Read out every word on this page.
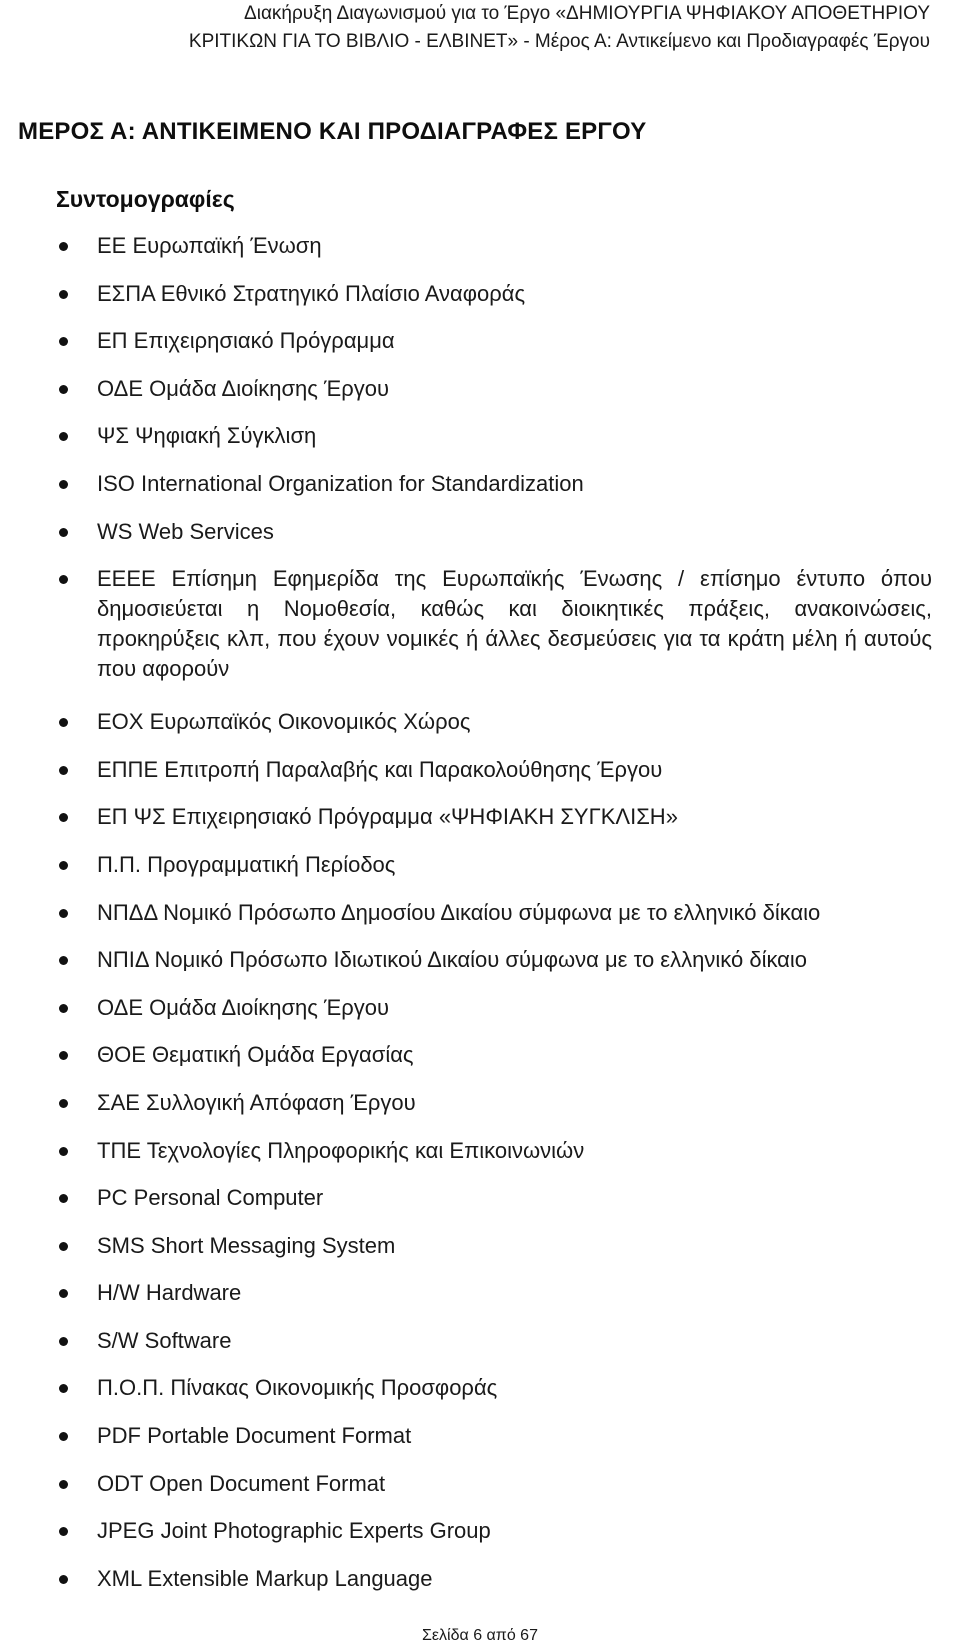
Διακήρυξη Διαγωνισμού για το Έργο «ΔΗΜΙΟΥΡΓΙΑ ΨΗΦΙΑΚΟΥ ΑΠΟΘΕΤΗΡΙΟΥ
ΚΡΙΤΙΚΩΝ ΓΙΑ ΤΟ ΒΙΒΛΙΟ - ΕΛΒΙΝΕΤ» - Μέρος Α: Αντικείμενο και Προδιαγραφές Έργου
ΜΕΡΟΣ Α: ΑΝΤΙΚΕΙΜΕΝΟ ΚΑΙ ΠΡΟΔΙΑΓΡΑΦΕΣ ΕΡΓΟΥ
Συντομογραφίες
ΕΕ Ευρωπαϊκή Ένωση
ΕΣΠΑ Εθνικό Στρατηγικό Πλαίσιο Αναφοράς
ΕΠ Επιχειρησιακό Πρόγραμμα
ΟΔΕ Ομάδα Διοίκησης Έργου
ΨΣ Ψηφιακή Σύγκλιση
ISO International Organization for Standardization
WS Web Services
ΕΕΕΕ Επίσημη Εφημερίδα της Ευρωπαϊκής Ένωσης / επίσημο έντυπο όπου δημοσιεύεται η Νομοθεσία, καθώς και διοικητικές πράξεις, ανακοινώσεις, προκηρύξεις κλπ, που έχουν νομικές ή άλλες δεσμεύσεις για τα κράτη μέλη ή αυτούς που αφορούν
ΕΟΧ Ευρωπαϊκός Οικονομικός Χώρος
ΕΠΠΕ Επιτροπή Παραλαβής και Παρακολούθησης Έργου
ΕΠ ΨΣ Επιχειρησιακό Πρόγραμμα «ΨΗΦΙΑΚΗ ΣΥΓΚΛΙΣΗ»
Π.Π. Προγραμματική Περίοδος
ΝΠΔΔ Νομικό Πρόσωπο Δημοσίου Δικαίου σύμφωνα με το ελληνικό δίκαιο
ΝΠΙΔ Νομικό Πρόσωπο Ιδιωτικού Δικαίου σύμφωνα με το ελληνικό δίκαιο
ΟΔΕ Ομάδα Διοίκησης Έργου
ΘΟΕ Θεματική Ομάδα Εργασίας
ΣΑΕ Συλλογική Απόφαση Έργου
ΤΠΕ Τεχνολογίες Πληροφορικής και Επικοινωνιών
PC Personal Computer
SMS Short Messaging System
H/W Hardware
S/W Software
Π.Ο.Π. Πίνακας Οικονομικής Προσφοράς
PDF Portable Document Format
ODT Open Document Format
JPEG Joint Photographic Experts Group
XML Extensible Markup Language
Σελίδα 6 από 67
